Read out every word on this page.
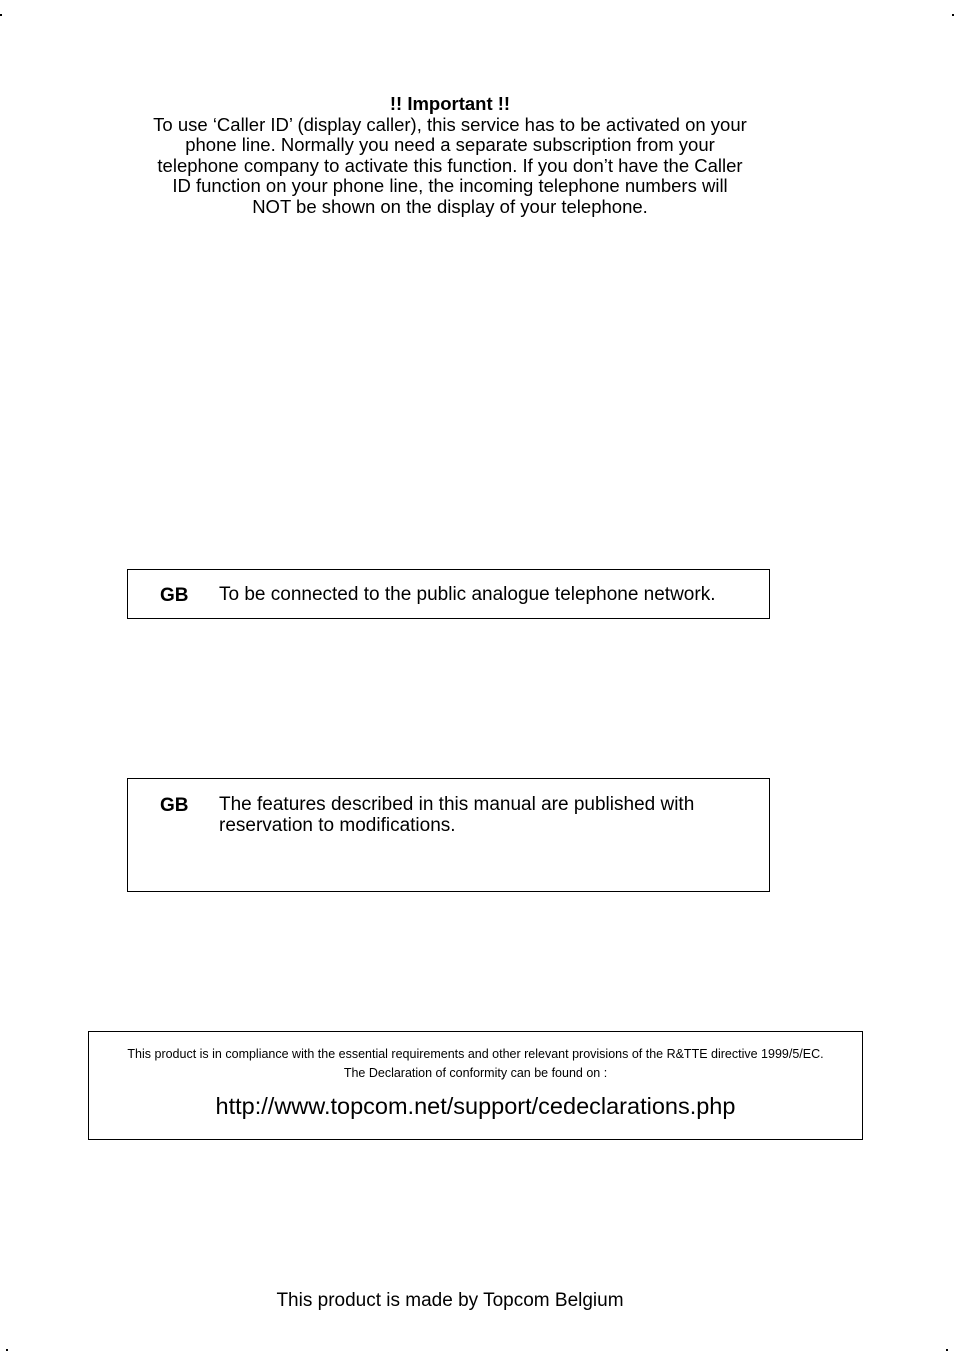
!! Important !!
To use ‘Caller ID’ (display caller), this service has to be activated on your
phone line. Normally you need a separate subscription from your
telephone company to activate this function. If you don’t have the Caller
ID function on your phone line, the incoming telephone numbers will
NOT be shown on the display of your telephone.
GB To be connected to the public analogue telephone network.
GB The features described in this manual are published with
reservation to modifications.
This product is in compliance with the essential requirements and other relevant provisions of the R&TTE directive 1999/5/EC.
The Declaration of conformity can be found on :
http://www.topcom.net/support/cedeclarations.php
This product is made by Topcom Belgium
